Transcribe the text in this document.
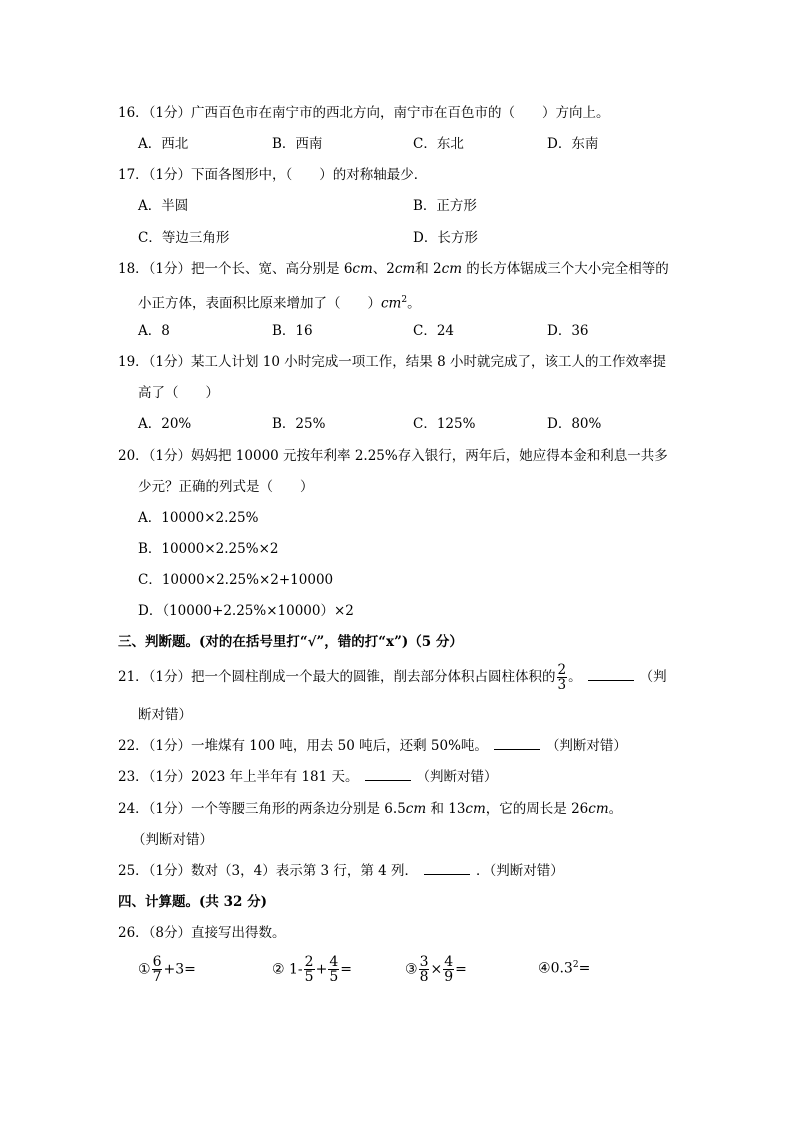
16．（1分）广西百色市在南宁市的西北方向，南宁市在百色市的（　　）方向上。
A．西北	B．西南	C．东北	D．东南
17．（1分）下面各图形中，（　　）的对称轴最少．
A．半圆	B．正方形
C．等边三角形	D．长方形
18．（1分）把一个长、宽、高分别是 6cm、2cm和 2cm 的长方体锯成三个大小完全相等的
小正方体，表面积比原来增加了（　　）$cm^2$。
A．8	B．16	C．24	D．36
19．（1分）某工人计划 10 小时完成一项工作，结果 8 小时就完成了，该工人的工作效率提
高了（　　）
A．20%	B．25%	C．125%	D．80%
20．（1分）妈妈把 10000 元按年利率 2.25%存入银行，两年后，她应得本金和利息一共多
少元？正确的列式是（　　）
A．10000×2.25%
B．10000×2.25%×2
C．10000×2.25%×2+10000
D．（10000+2.25%×10000）×2
三、判断题。(对的在括号里打“√”，错的打“x”)（5 分）
21．（1分）把一个圆柱削成一个最大的圆锥，削去部分体积占圆柱体积的 $\frac{2}{3}$ 。	（判
断对错）
22．（1分）一堆煤有 100 吨，用去 50 吨后，还剩 50%吨。	（判断对错）
23．（1分）2023 年上半年有 181 天。	（判断对错）
24．（1分）一个等腰三角形的两条边分别是 6.5cm 和 13cm，它的周长是 26cm。
（判断对错）
25．（1分）数对（3，4）表示第 3 行，第 4 列．	．（判断对错）
四、计算题。(共 32 分)
26．（8分）直接写出得数。
① $\frac{6}{7} +3=$	② $1- \frac{2}{5} + \frac{4}{5}$ =	③ $\frac{3}{8} \times \frac{4}{9}$ =	$④0.3^2=$
